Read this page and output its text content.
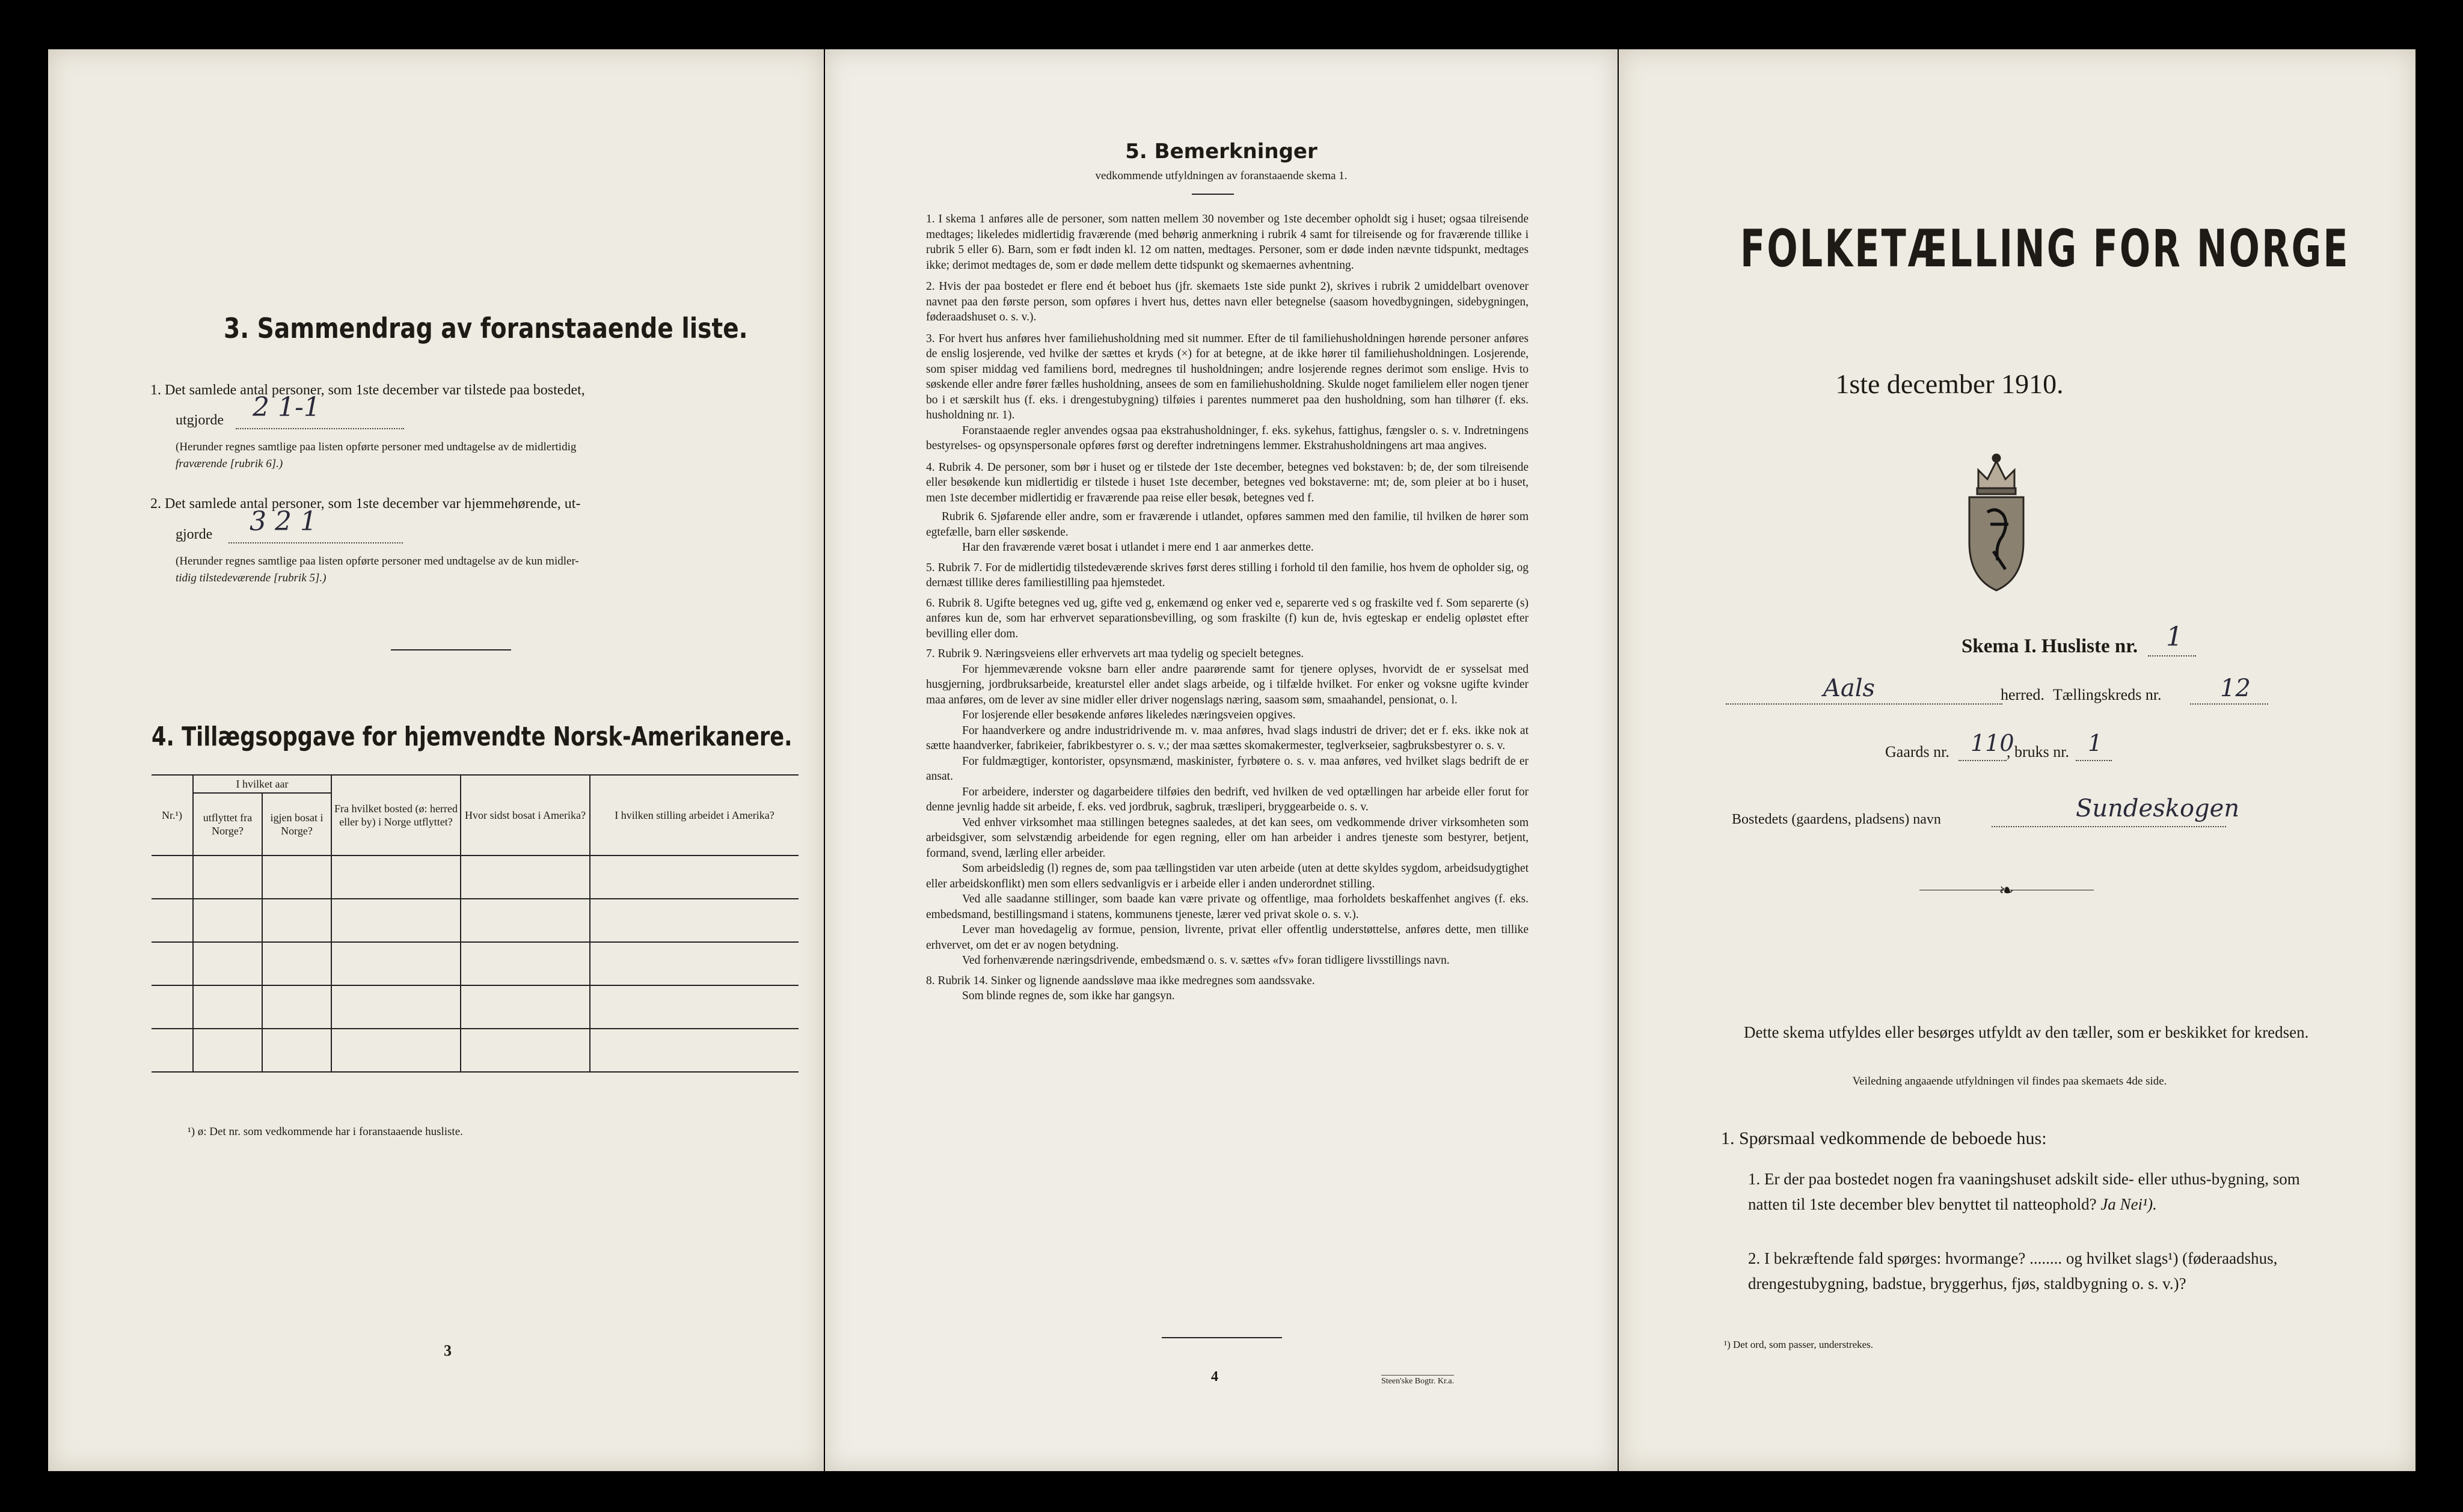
3. Sammendrag av foranstaaende liste.
1. Det samlede antal personer, som 1ste december var tilstede paa bostedet,
utgjorde 2 1-1
(Herunder regnes samtlige paa listen opførte personer med undtagelse av de midlertidig
fraværende [rubrik 6].)
2. Det samlede antal personer, som 1ste december var hjemmehørende, ut-
gjorde 3 2 1
(Herunder regnes samtlige paa listen opførte personer med undtagelse av de kun midler-
tidig tilstedeværende [rubrik 5].)
4. Tillægsopgave for hjemvendte Norsk-Amerikanere.
Nr.¹)	I hvilket aar		Fra hvilket bosted (ø: herred eller by) i Norge utflyttet?	Hvor sidst bosat i Amerika?	I hvilken stilling arbeidet i Amerika?
	utflyttet fra Norge?	igjen bosat i Norge?			

¹) ø: Det nr. som vedkommende har i foranstaaende husliste.
3
5. Bemerkninger
vedkommende utfyldningen av foranstaaende skema 1.

1. I skema 1 anføres alle de personer, som natten mellem 30 november og 1ste december opholdt sig i huset; ogsaa tilreisende medtages; likeledes midlertidig fraværende (med behørig anmerkning i rubrik 4 samt for tilreisende og for fraværende tillike i rubrik 5 eller 6). Barn, som er født inden kl. 12 om natten, medtages. Personer, som er døde inden nævnte tidspunkt, medtages ikke; derimot medtages de, som er døde mellem dette tidspunkt og skemaernes avhentning.

2. Hvis der paa bostedet er flere end ét beboet hus (jfr. skemaets 1ste side punkt 2), skrives i rubrik 2 umiddelbart ovenover navnet paa den første person, som opføres i hvert hus, dettes navn eller betegnelse (saasom hovedbygningen, sidebygningen, føderaadshuset o. s. v.).

3. For hvert hus anføres hver familiehusholdning med sit nummer. Efter de til familiehusholdningen hørende personer anføres de enslig losjerende, ved hvilke der sættes et kryds (×) for at betegne, at de ikke hører til familiehusholdningen. Losjerende, som spiser middag ved familiens bord, medregnes til husholdningen; andre losjerende regnes derimot som enslige. Hvis to søskende eller andre fører fælles husholdning, ansees de som en familiehusholdning. Skulde noget familielem eller nogen tjener bo i et særskilt hus (f. eks. i drengestubygning) tilføies i parentes nummeret paa den husholdning, som han tilhører (f. eks. husholdning nr. 1).

Foranstaaende regler anvendes ogsaa paa ekstrahusholdninger, f. eks. sykehus, fattighus, fængsler o. s. v. Indretningens bestyrelses- og opsynspersonale opføres først og derefter indretningens lemmer. Ekstrahusholdningens art maa angives.

4. Rubrik 4. De personer, som bør i huset og er tilstede der 1ste december, betegnes ved bokstaven: b; de, der som tilreisende eller besøkende kun midlertidig er tilstede i huset 1ste december, betegnes ved bokstaverne: mt; de, som pleier at bo i huset, men 1ste december midlertidig er fraværende paa reise eller besøk, betegnes ved f.

Rubrik 6. Sjøfarende eller andre, som er fraværende i utlandet, opføres sammen med den familie, til hvilken de hører som egtefælle, barn eller søskende.

Har den fraværende været bosat i utlandet i mere end 1 aar anmerkes dette.

5. Rubrik 7. For de midlertidig tilstedeværende skrives først deres stilling i forhold til den familie, hos hvem de opholder sig, og dernæst tillike deres familiestilling paa hjemstedet.

6. Rubrik 8. Ugifte betegnes ved ug, gifte ved g, enkemænd og enker ved e, separerte ved s og fraskilte ved f. Som separerte (s) anføres kun de, som har erhvervet separationsbevilling, og som fraskilte (f) kun de, hvis egteskap er endelig opløstet efter bevilling eller dom.

7. Rubrik 9. Næringsveiens eller erhvervets art maa tydelig og specielt betegnes.

For hjemmeværende voksne barn eller andre paarørende samt for tjenere oplyses, hvorvidt de er sysselsat med husgjerning, jordbruksarbeide, kreaturstel eller andet slags arbeide, og i tilfælde hvilket. For enker og voksne ugifte kvinder maa anføres, om de lever av sine midler eller driver nogenslags næring, saasom søm, smaahandel, pensionat, o. l.

For losjerende eller besøkende anføres likeledes næringsveien opgives.

For haandverkere og andre industridrivende m. v. maa anføres, hvad slags industri de driver; det er f. eks. ikke nok at sætte haandverker, fabrikeier, fabrikbestyrer o. s. v.; der maa sættes skomakermester, teglverkseier, sagbruksbestyrer o. s. v.

For fuldmægtiger, kontorister, opsynsmænd, maskinister, fyrbøtere o. s. v. maa anføres, ved hvilket slags bedrift de er ansat.

For arbeidere, inderster og dagarbeidere tilføies den bedrift, ved hvilken de ved optællingen har arbeide eller forut for denne jevnlig hadde sit arbeide, f. eks. ved jordbruk, sagbruk, træsliperi, bryggearbeide o. s. v.

Ved enhver virksomhet maa stillingen betegnes saaledes, at det kan sees, om vedkommende driver virksomheten som arbeidsgiver, som selvstændig arbeidende for egen regning, eller om han arbeider i andres tjeneste som bestyrer, betjent, formand, svend, lærling eller arbeider.

Som arbeidsledig (l) regnes de, som paa tællingstiden var uten arbeide (uten at dette skyldes sygdom, arbeidsudygtighet eller arbeidskonflikt) men som ellers sedvanligvis er i arbeide eller i anden underordnet stilling.

Ved alle saadanne stillinger, som baade kan være private og offentlige, maa forholdets beskaffenhet angives (f. eks. embedsmand, bestillingsmand i statens, kommunens tjeneste, lærer ved privat skole o. s. v.).

Lever man hovedagelig av formue, pension, livrente, privat eller offentlig understøttelse, anføres dette, men tillike erhvervet, om det er av nogen betydning.

Ved forhenværende næringsdrivende, embedsmænd o. s. v. sættes «fv» foran tidligere livsstillings navn.

8. Rubrik 14. Sinker og lignende aandssløve maa ikke medregnes som aandssvake.

Som blinde regnes de, som ikke har gangsyn.

4	Steen'ske Bogtr. Kr.a.
FOLKETÆLLING FOR NORGE
1ste december 1910.
Skema I. Husliste nr. 1
Aals	herred. Tællingskreds nr. 12
Gaards nr. 110
, bruks nr. 1
Bostedets (gaardens, pladsens) navn	Sundeskogen
❧
Dette skema utfyldes eller besørges utfyldt av den tæller, som er beskikket for kredsen.
Veiledning angaaende utfyldningen vil findes paa skemaets 4de side.
1. Spørsmaal vedkommende de beboede hus:
1. Er der paa bostedet nogen fra vaaningshuset adskilt side- eller uthus-bygning, som natten til 1ste december blev benyttet til natteophold? Ja Nei¹).
2. I bekræftende fald spørges: hvormange? ........ og hvilket slags¹) (føderaadshus, drengestubygning, badstue, bryggerhus, fjøs, staldbygning o. s. v.)?
¹) Det ord, som passer, understrekes.
